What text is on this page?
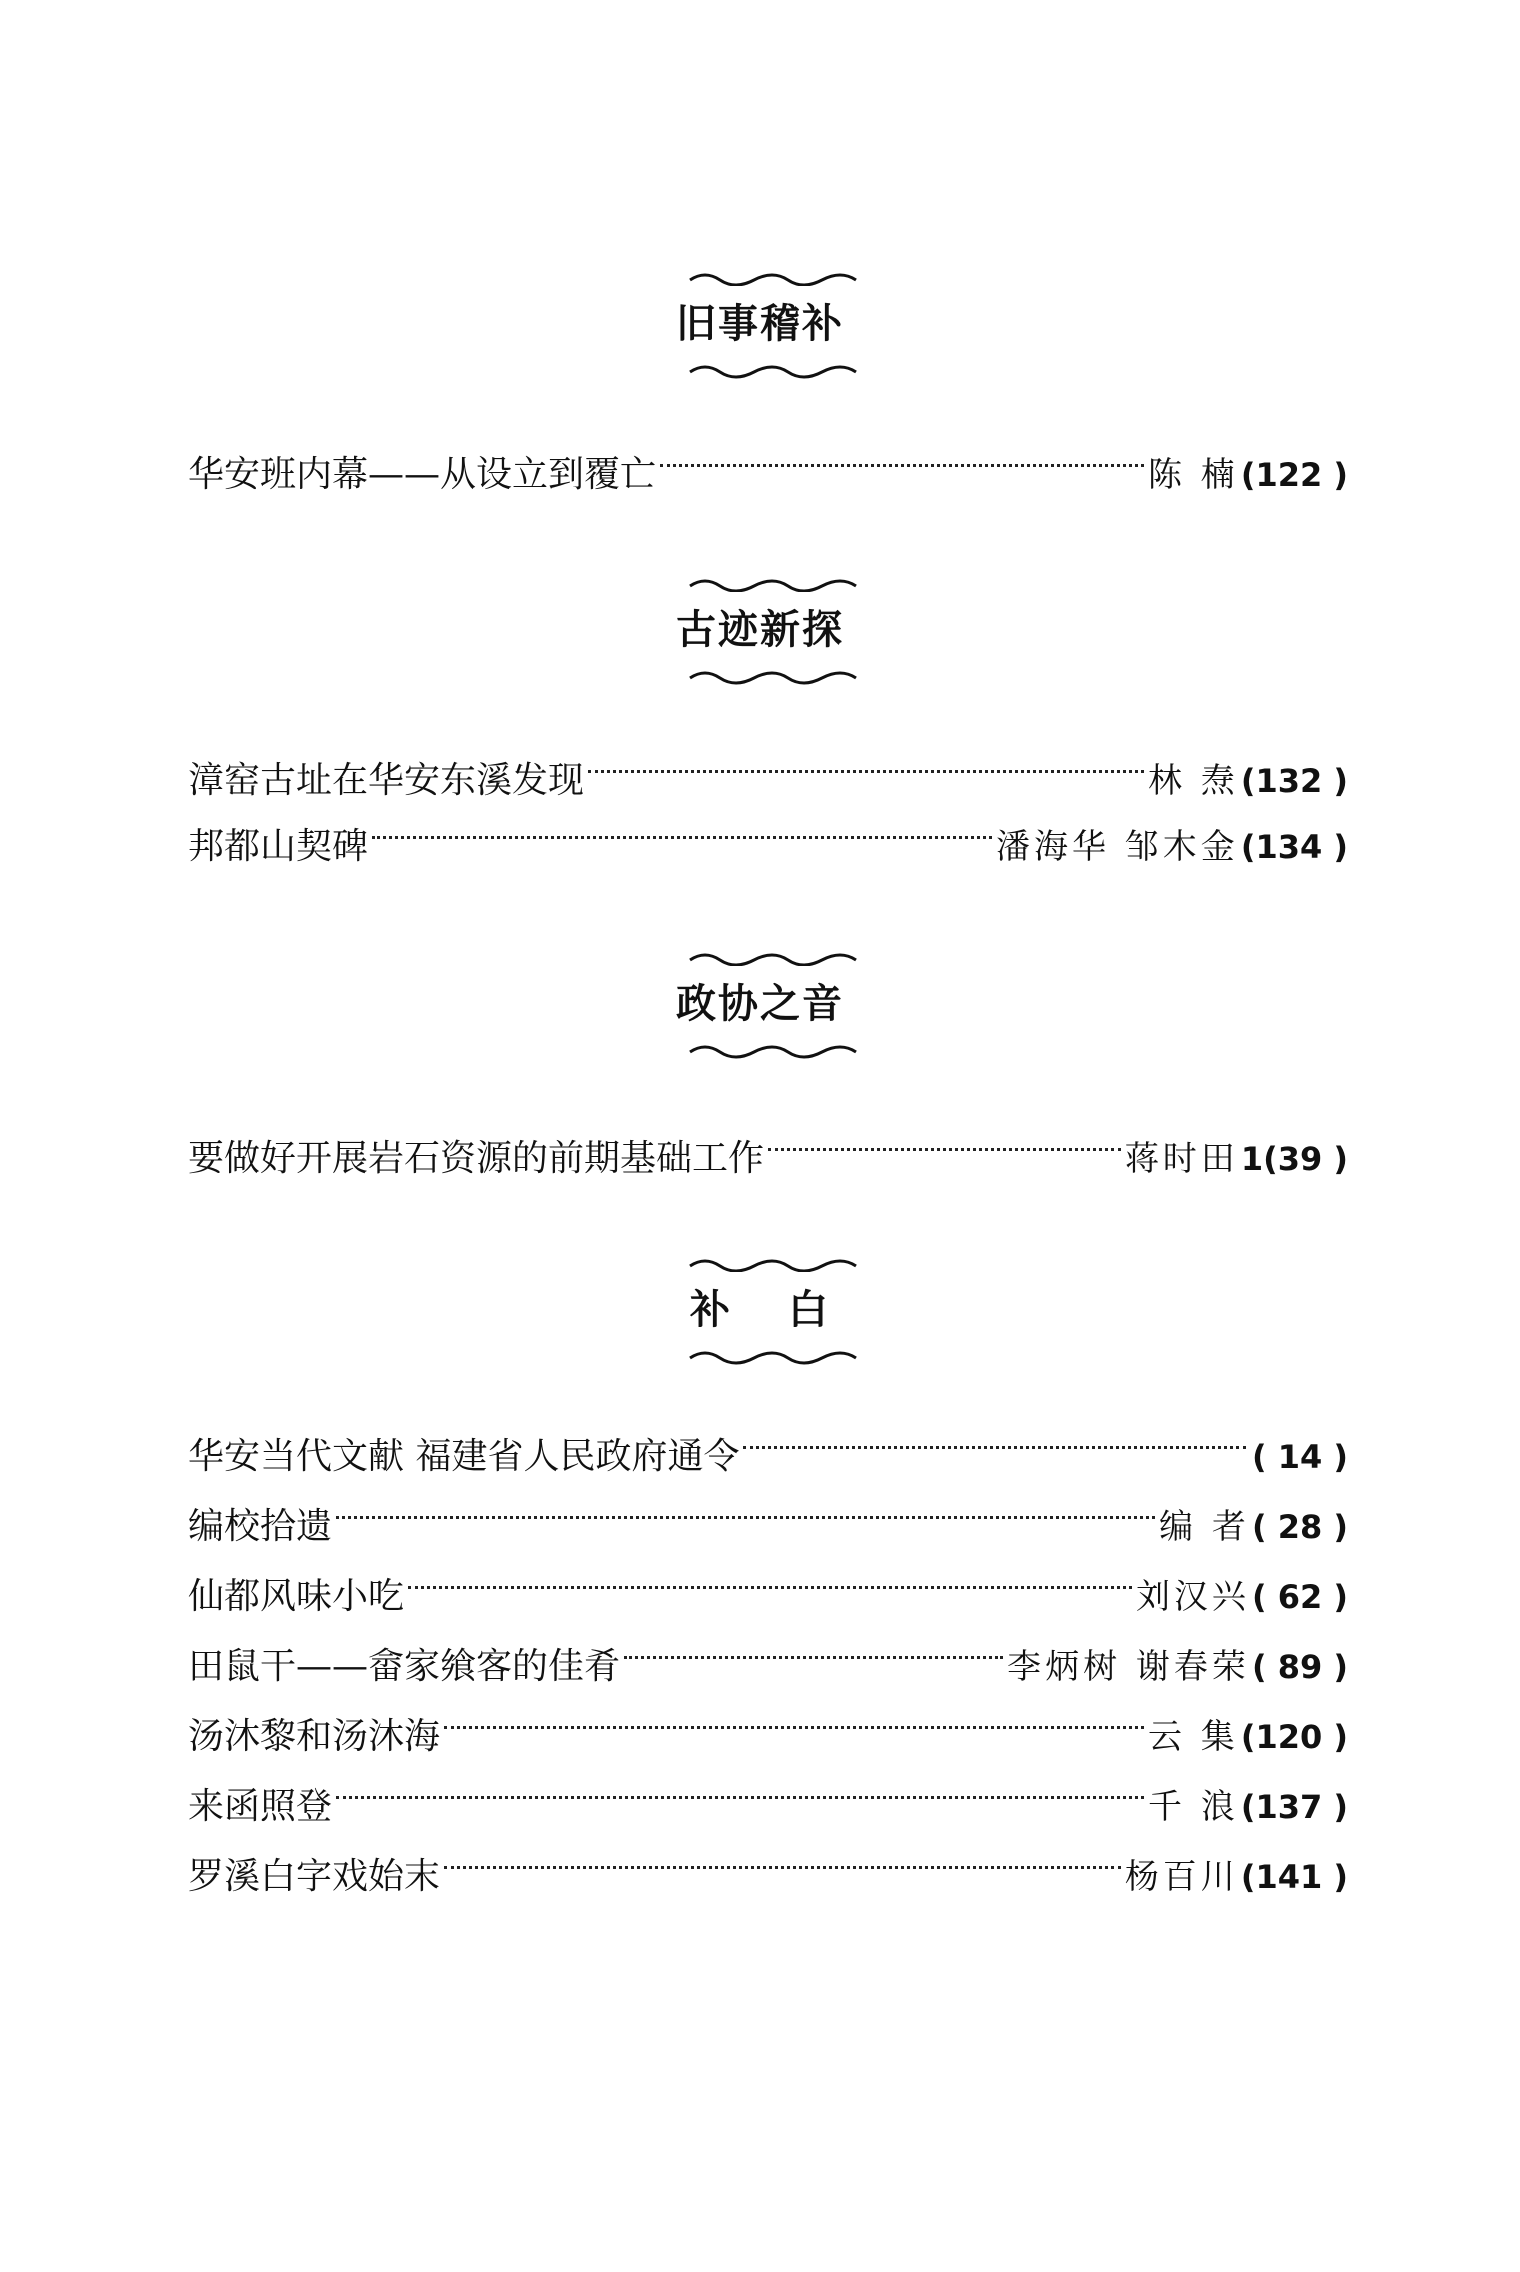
旧事稽补
华安班内幕——从设立到覆亡	陈 楠 (122 )
古迹新探
漳窑古址在华安东溪发现	林 焘 (132 )
邦都山契碑	潘海华 邹木金 (134 )
政协之音
要做好开展岩石资源的前期基础工作	蒋时田 1(39 )
补 白
华安当代文献 福建省人民政府通令	( 14 )
编校拾遗	编 者 ( 28 )
仙都风味小吃	刘汉兴 ( 62 )
田鼠干——畲家飨客的佳肴	李炳树 谢春荣 ( 89 )
汤沐黎和汤沐海	云 集 (120 )
来函照登	千 浪 (137 )
罗溪白字戏始末	杨百川 (141 )
